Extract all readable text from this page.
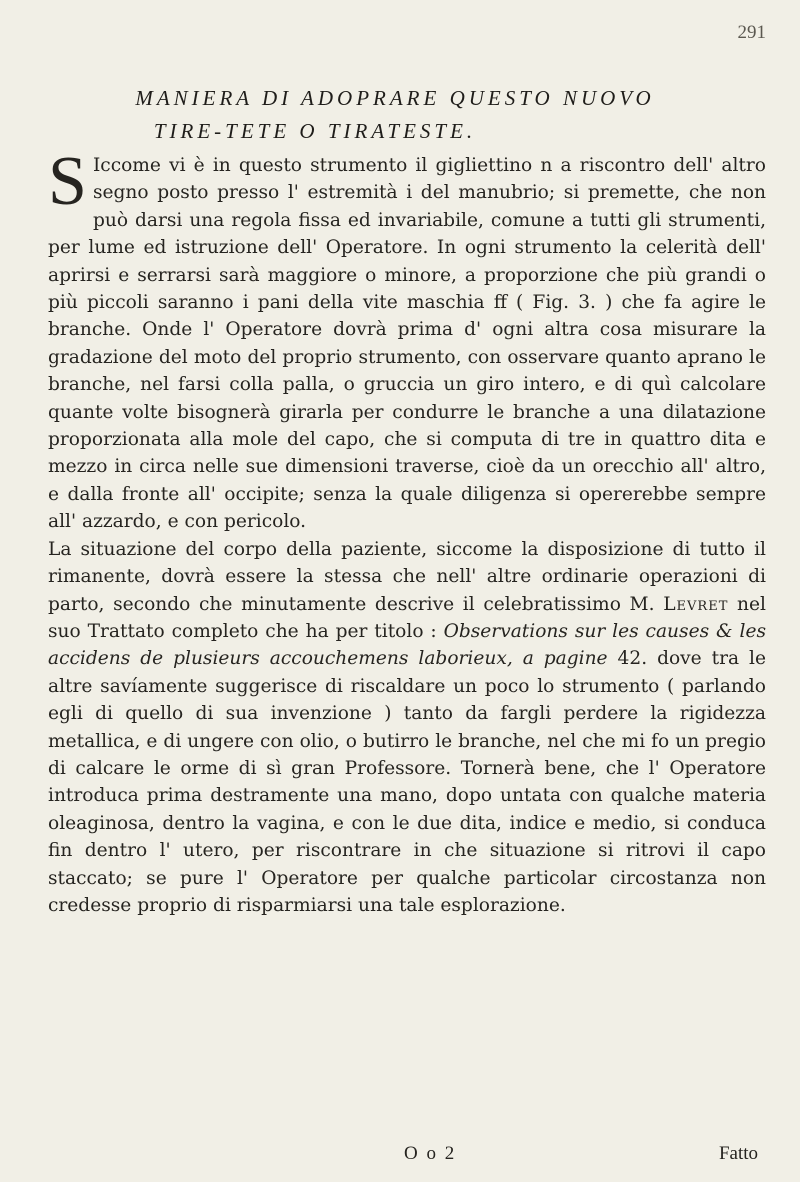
291
MANIERA DI ADOPRARE QUESTO NUOVO
TIRE-TETE O TIRATESTE.

S Iccome vi è in questo strumento il gigliettino n a riscontro dell' altro segno posto presso l' estremità i del manubrio; si premette, che non può darsi una regola fissa ed invariabile, comune a tutti gli strumenti, per lume ed istruzione dell' Operatore. In ogni strumento la celerità dell' aprirsi e serrarsi sarà maggiore o minore, a proporzione che più grandi o più piccoli saranno i pani della vite maschia ff ( Fig. 3. ) che fa agire le branche. Onde l' Operatore dovrà prima d' ogni altra cosa misurare la gradazione del moto del proprio strumento, con osservare quanto aprano le branche, nel farsi colla palla, o gruccia un giro intero, e di quì calcolare quante volte bisognerà girarla per condurre le branche a una dilatazione proporzionata alla mole del capo, che si computa di tre in quattro dita e mezzo in circa nelle sue dimensioni traverse, cioè da un orecchio all' altro, e dalla fronte all' occipite; senza la quale diligenza si opererebbe sempre all' azzardo, e con pericolo.

La situazione del corpo della paziente, siccome la disposizione di tutto il rimanente, dovrà essere la stessa che nell' altre ordinarie operazioni di parto, secondo che minutamente descrive il celebratissimo M. Levret nel suo Trattato completo che ha per titolo : Observations sur les causes & les accidens de plusieurs accouchemens laborieux, a pagine 42. dove tra le altre savíamente suggerisce di riscaldare un poco lo strumento ( parlando egli di quello di sua invenzione ) tanto da fargli perdere la rigidezza metallica, e di ungere con olio, o butirro le branche, nel che mi fo un pregio di calcare le orme di sì gran Professore. Tornerà bene, che l' Operatore introduca prima destramente una mano, dopo untata con qualche materia oleaginosa, dentro la vagina, e con le due dita, indice e medio, si conduca fin dentro l' utero, per riscontrare in che situazione si ritrovi il capo staccato; se pure l' Operatore per qualche particolar circostanza non credesse proprio di risparmiarsi una tale esplorazione.

O o 2	Fatto
